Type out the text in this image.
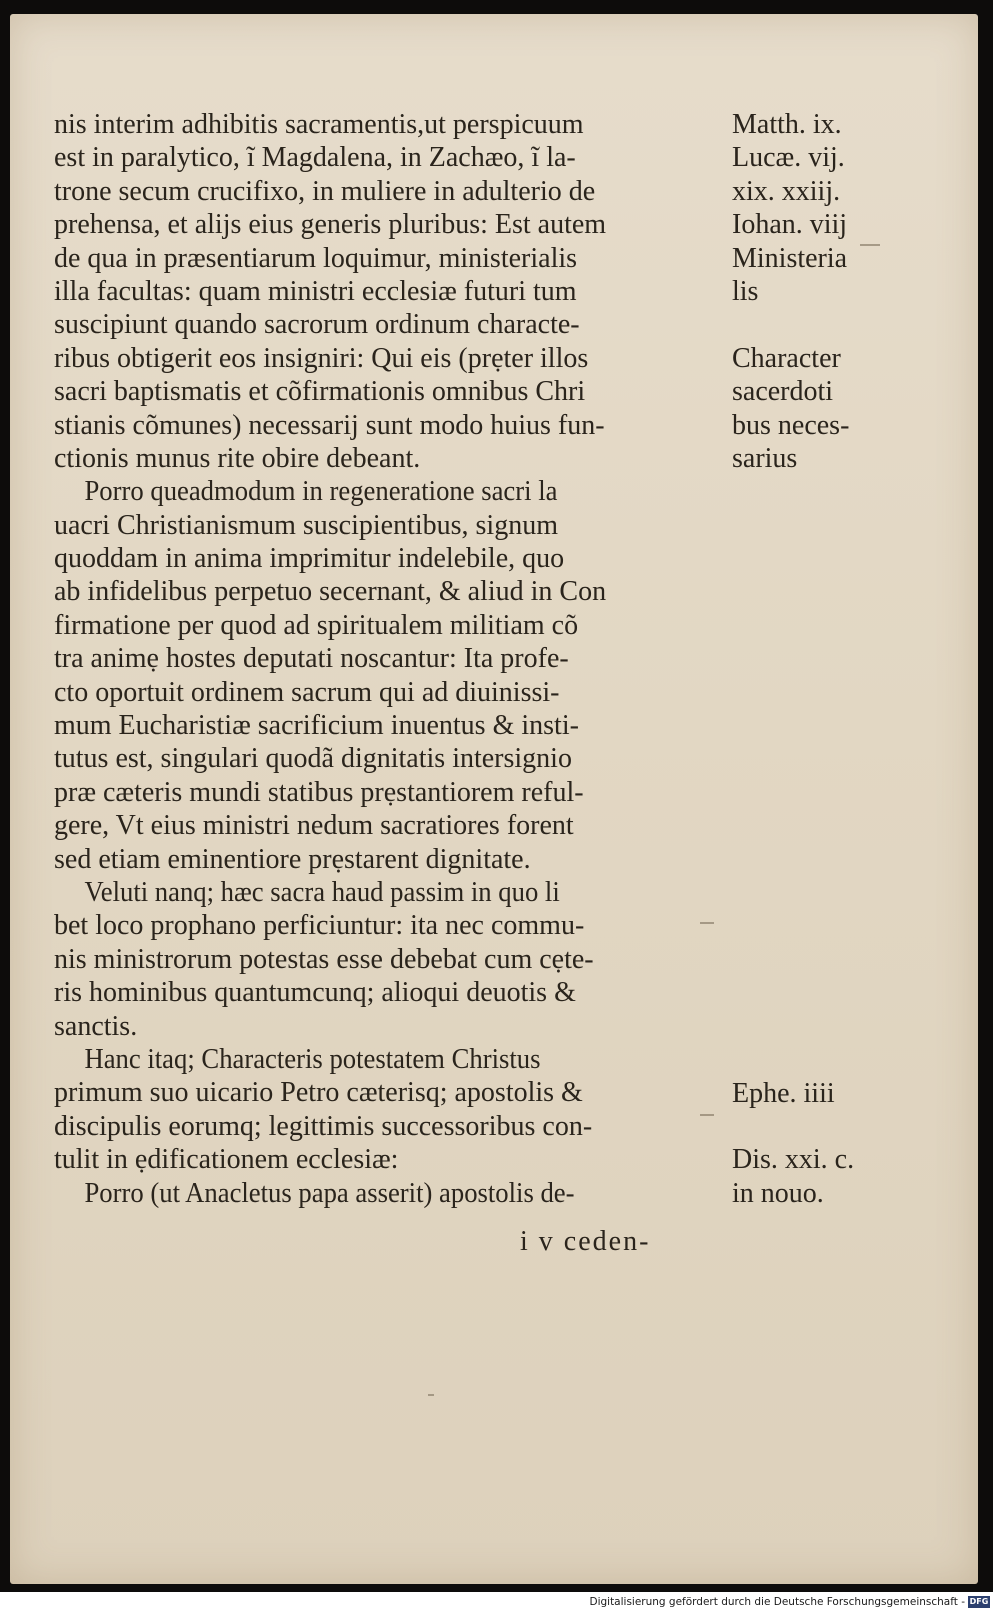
nis interim adhibitis sacramentis,ut perspicuum
est in paralytico, ĩ Magdalena, in Zachæo, ĩ la-
trone secum crucifixo, in muliere in adulterio de
prehensa, et alijs eius generis pluribus: Est autem
de qua in præsentiarum loquimur, ministerialis
illa facultas: quam ministri ecclesiæ futuri tum
suscipiunt quando sacrorum ordinum characte-
ribus obtigerit eos insigniri: Qui eis (prẹter illos
sacri baptismatis et cõfirmationis omnibus Chri
stianis cõmunes) necessarij sunt modo huius fun-
ctionis munus rite obire debeant.
Porro queadmodum in regeneratione sacri la
uacri Christianismum suscipientibus, signum
quoddam in anima imprimitur indelebile, quo
ab infidelibus perpetuo secernant, & aliud in Con
firmatione per quod ad spiritualem militiam cõ
tra animẹ hostes deputati noscantur: Ita profe-
cto oportuit ordinem sacrum qui ad diuinissi-
mum Eucharistiæ sacrificium inuentus & insti-
tutus est, singulari quodã dignitatis intersignio
præ cæteris mundi statibus prẹstantiorem reful-
gere, Vt eius ministri nedum sacratiores forent
sed etiam eminentiore prẹstarent dignitate.
Veluti nanq; hæc sacra haud passim in quo li
bet loco prophano perficiuntur: ita nec commu-
nis ministrorum potestas esse debebat cum cẹte-
ris hominibus quantumcunq; alioqui deuotis &
sanctis.
Hanc itaq; Characteris potestatem Christus
primum suo uicario Petro cæterisq; apostolis &
discipulis eorumq; legittimis successoribus con-
tulit in ẹdificationem ecclesiæ:
Porro (ut Anacletus papa asserit) apostolis de-
Matth. ix.
Lucæ. vij.
xix. xxiij.
Iohan. viij
Ministeria
lis
Character
sacerdoti
bus neces-
sarius
Ephe. iiii
Dis. xxi. c.
in nouo.
i v ceden-
Digitalisierung gefördert durch die Deutsche Forschungsgemeinschaft - DFG
